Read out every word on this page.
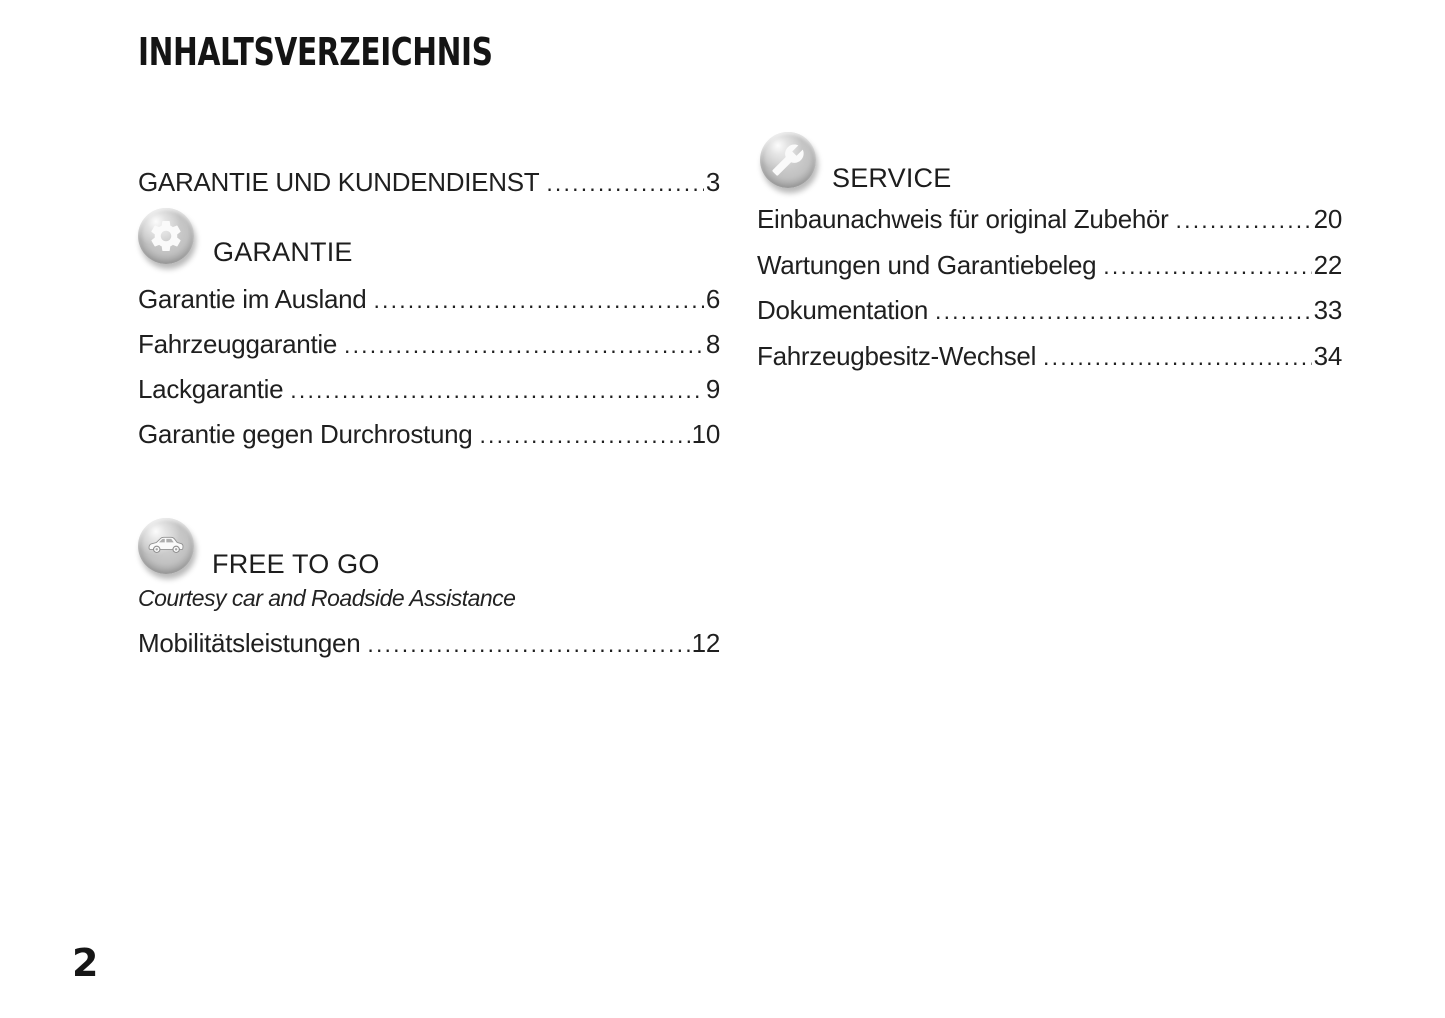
INHALTSVERZEICHNIS
GARANTIE UND KUNDENDIENST .....	3
GARANTIE
Garantie im Ausland .....	6
Fahrzeuggarantie .....	8
Lackgarantie .....	9
Garantie gegen Durchrostung .....	10
FREE TO GO
Courtesy car and Roadside Assistance
Mobilitätsleistungen .....	12
SERVICE
Einbaunachweis für original Zubehör .....	20
Wartungen und Garantiebeleg .....	22
Dokumentation .....	33
Fahrzeugbesitz-Wechsel .....	34
2
